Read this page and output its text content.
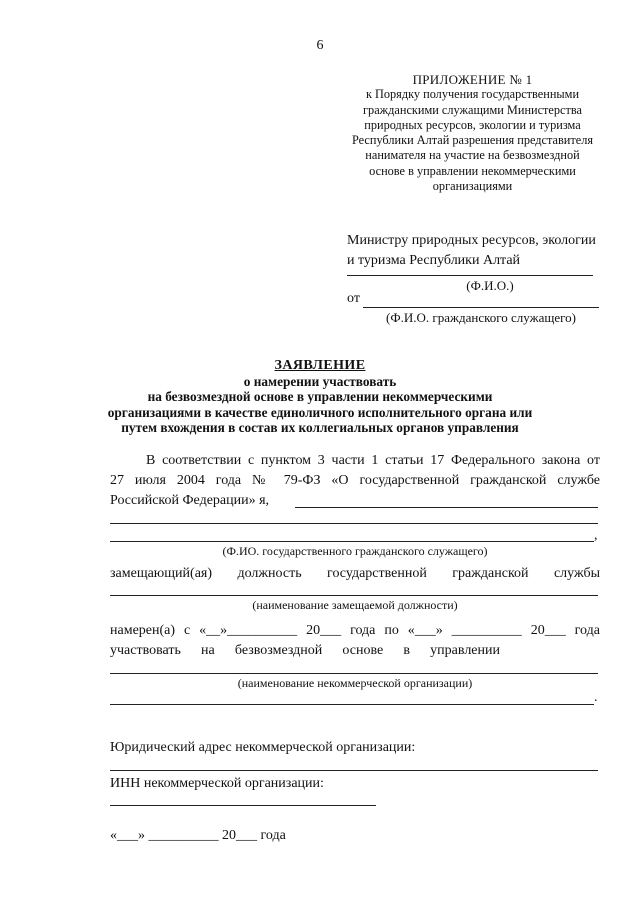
6
ПРИЛОЖЕНИЕ № 1
к Порядку получения государственными
гражданскими служащими Министерства
природных ресурсов, экологии и туризма
Республики Алтай разрешения представителя
нанимателя на участие на безвозмездной
основе в управлении некоммерческими
организациями
Министру природных ресурсов, экологии
и туризма Республики Алтай
(Ф.И.О.)
от
(Ф.И.О. гражданского служащего)
ЗАЯВЛЕНИЕ
о намерении участвовать
на безвозмездной основе в управлении некоммерческими
организациями в качестве единоличного исполнительного органа или
путем вхождения в состав их коллегиальных органов управления
В соответствии с пунктом 3 части 1 статьи 17 Федерального закона от
27 июля 2004 года № 79-ФЗ «О государственной гражданской службе
Российской Федерации» я,
,
(Ф.ИО. государственного гражданского служащего)
замещающий(ая) должность государственной гражданской службы
(наименование замещаемой должности)
намерен(а) с «__»__________ 20___ года по «___» __________ 20___ года
участвовать на безвозмездной основе в управлении
(наименование некоммерческой организации)
.
Юридический адрес некоммерческой организации:
ИНН некоммерческой организации:
«___» __________ 20___ года
